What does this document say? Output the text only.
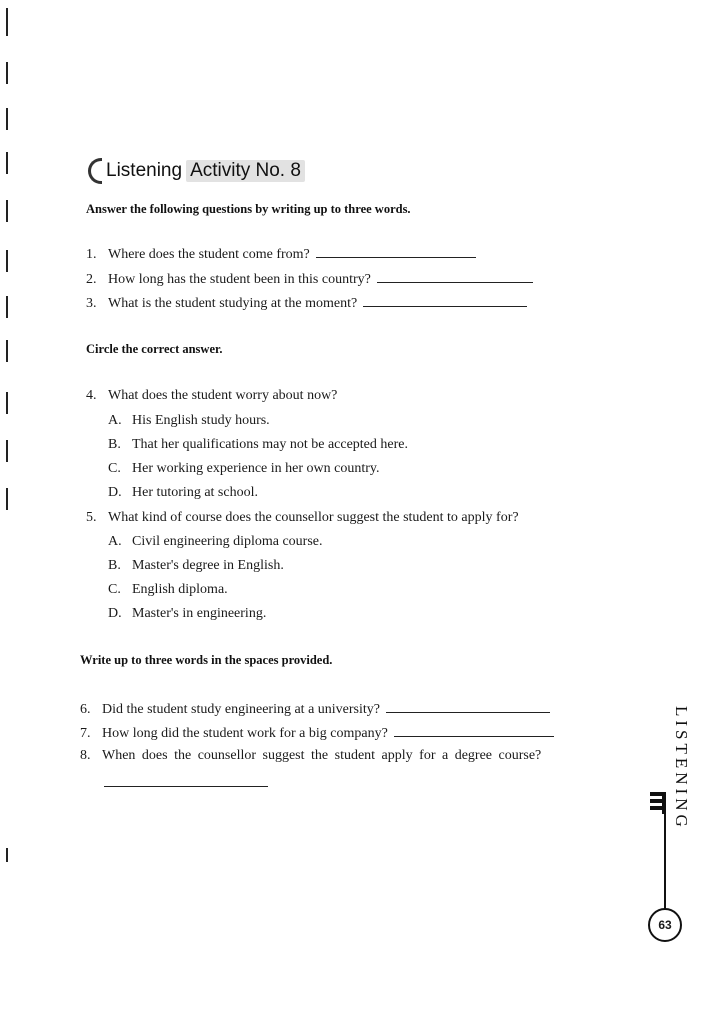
Listening Activity No. 8
Answer the following questions by writing up to three words.
1. Where does the student come from?
2. How long has the student been in this country?
3. What is the student studying at the moment?
Circle the correct answer.
4. What does the student worry about now?
A. His English study hours.
B. That her qualifications may not be accepted here.
C. Her working experience in her own country.
D. Her tutoring at school.
5. What kind of course does the counsellor suggest the student to apply for?
A. Civil engineering diploma course.
B. Master's degree in English.
C. English diploma.
D. Master's in engineering.
Write up to three words in the spaces provided.
6. Did the student study engineering at a university?
7. How long did the student work for a big company?
8. When does the counsellor suggest the student apply for a degree course?	LISTENING
63
